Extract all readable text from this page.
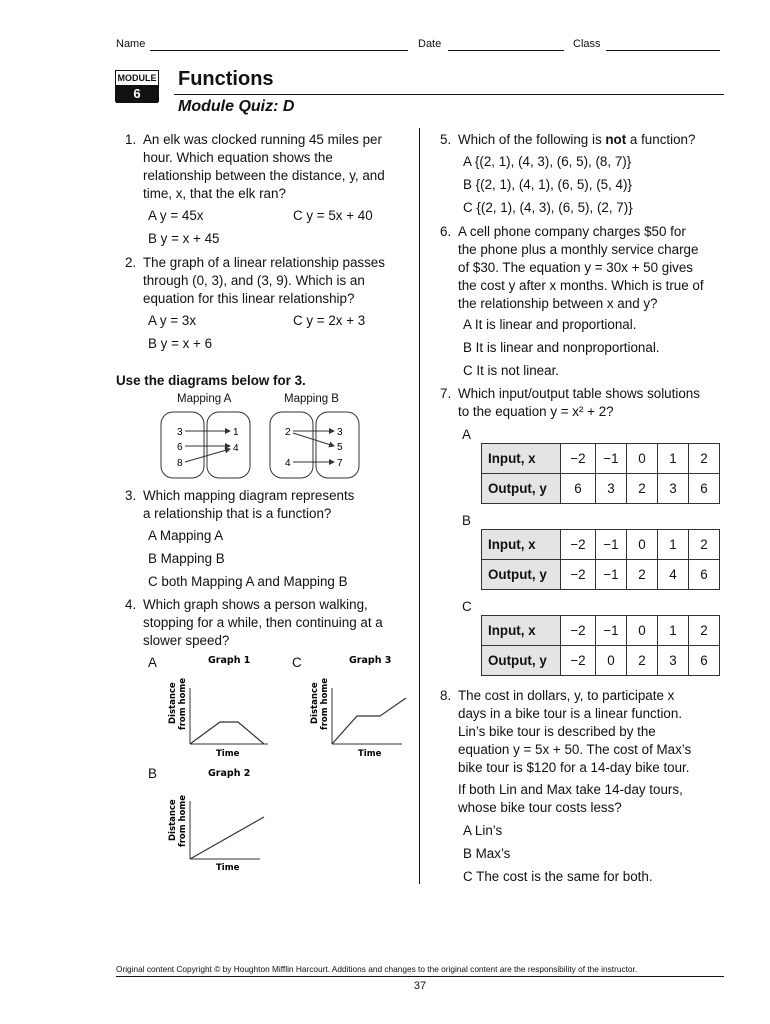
Name	Date	Class
MODULE
6
Functions
Module Quiz: D
1. An elk was clocked running 45 miles per
hour. Which equation shows the
relationship between the distance, y, and
time, x, that the elk ran?
A y = 45x	C y = 5x + 40
B y = x + 45
2. The graph of a linear relationship passes
through (0, 3), and (3, 9). Which is an
equation for this linear relationship?
A y = 3x	C y = 2x + 3
B y = x + 6
Use the diagrams below for 3.
Mapping A	Mapping B
3
6
8
1
4
2
4
3
5
7
3. Which mapping diagram represents
a relationship that is a function?
A Mapping A
B Mapping B
C both Mapping A and Mapping B
4. Which graph shows a person walking,
stopping for a while, then continuing at a
slower speed?
A	C
B
Graph 1
Distance from home
Time
Graph 3
Distance from home
Time
Graph 2
Distance from home
Time
5. Which of the following is not a function?
A {(2, 1), (4, 3), (6, 5), (8, 7)}
B {(2, 1), (4, 1), (6, 5), (5, 4)}
C {(2, 1), (4, 3), (6, 5), (2, 7)}
6. A cell phone company charges $50 for
the phone plus a monthly service charge
of $30. The equation y = 30x + 50 gives
the cost y after x months. Which is true of
the relationship between x and y?
A It is linear and proportional.
B It is linear and nonproportional.
C It is not linear.
7. Which input/output table shows solutions
to the equation y = x² + 2?
A
Input, x	−2	−1	0	1	2
Output, y	6	3	2	3	6
B
Input, x	−2	−1	0	1	2
Output, y	−2	−1	2	4	6
C
Input, x	−2	−1	0	1	2
Output, y	−2	0	2	3	6
8. The cost in dollars, y, to participate x
days in a bike tour is a linear function.
Lin’s bike tour is described by the
equation y = 5x + 50. The cost of Max’s
bike tour is $120 for a 14-day bike tour.
If both Lin and Max take 14-day tours,
whose bike tour costs less?
A Lin’s
B Max’s
C The cost is the same for both.
Original content Copyright © by Houghton Mifflin Harcourt. Additions and changes to the original content are the responsibility of the instructor.
37
